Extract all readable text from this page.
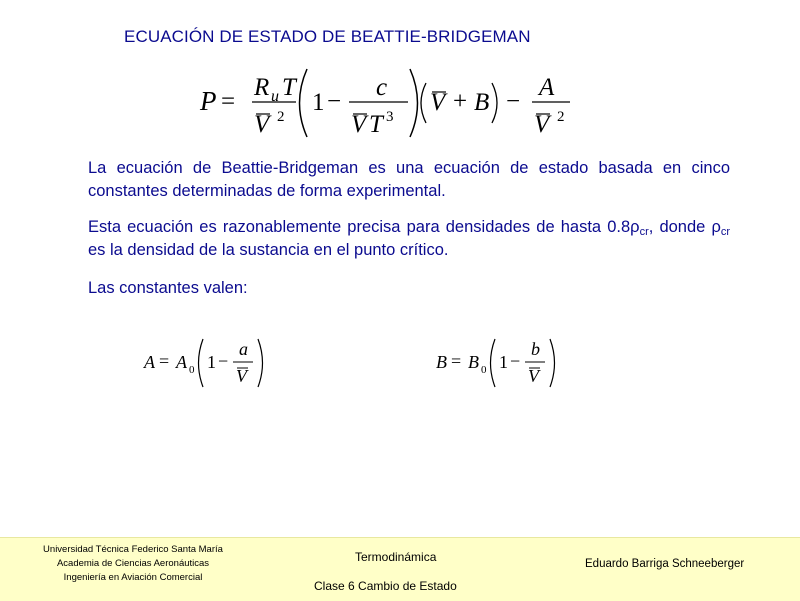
ECUACIÓN DE ESTADO DE BEATTIE-BRIDGEMAN
P =
R u T
V 2
1 −
c
V T 3
V + B −
A
V 2
La ecuación de Beattie-Bridgeman es una ecuación de estado basada en cinco constantes determinadas de forma experimental.
Esta ecuación es razonablemente precisa para densidades de hasta $0.8\rho_{cr}$, donde $\rho_{cr}$ es la densidad de la sustancia en el punto crítico.
Las constantes valen:
A = A 0 1 −
a
V
B = B 0 1 −
b
V
Universidad Técnica Federico Santa María
Academia de Ciencias Aeronáuticas
Ingeniería en Aviación Comercial
Termodinámica
Clase 6 Cambio de Estado
Eduardo Barriga Schneeberger
